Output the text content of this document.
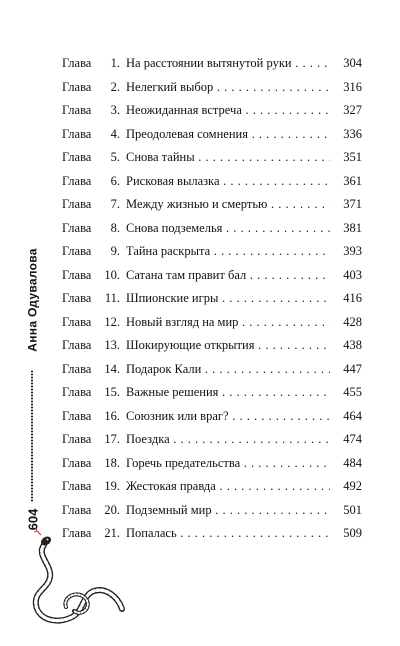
Анна Одувалова
604
Глава	1. На расстоянии вытянутой руки . .	304
Глава	2. Нелегкий выбор . .	316
Глава	3. Неожиданная встреча . .	327
Глава	4. Преодолевая сомнения . .	336
Глава	5. Снова тайны . .	351
Глава	6. Рисковая вылазка . .	361
Глава	7. Между жизнью и смертью . .	371
Глава	8. Снова подземелья . .	381
Глава	9. Тайна раскрыта . .	393
Глава	10. Сатана там правит бал . .	403
Глава	11. Шпионские игры . .	416
Глава	12. Новый взгляд на мир . .	428
Глава	13. Шокирующие открытия . .	438
Глава	14. Подарок Кали . .	447
Глава	15. Важные решения . .	455
Глава	16. Союзник или враг? . .	464
Глава	17. Поездка . .	474
Глава	18. Горечь предательства . .	484
Глава	19. Жестокая правда . .	492
Глава	20. Подземный мир . .	501
Глава	21. Попалась . .	509
